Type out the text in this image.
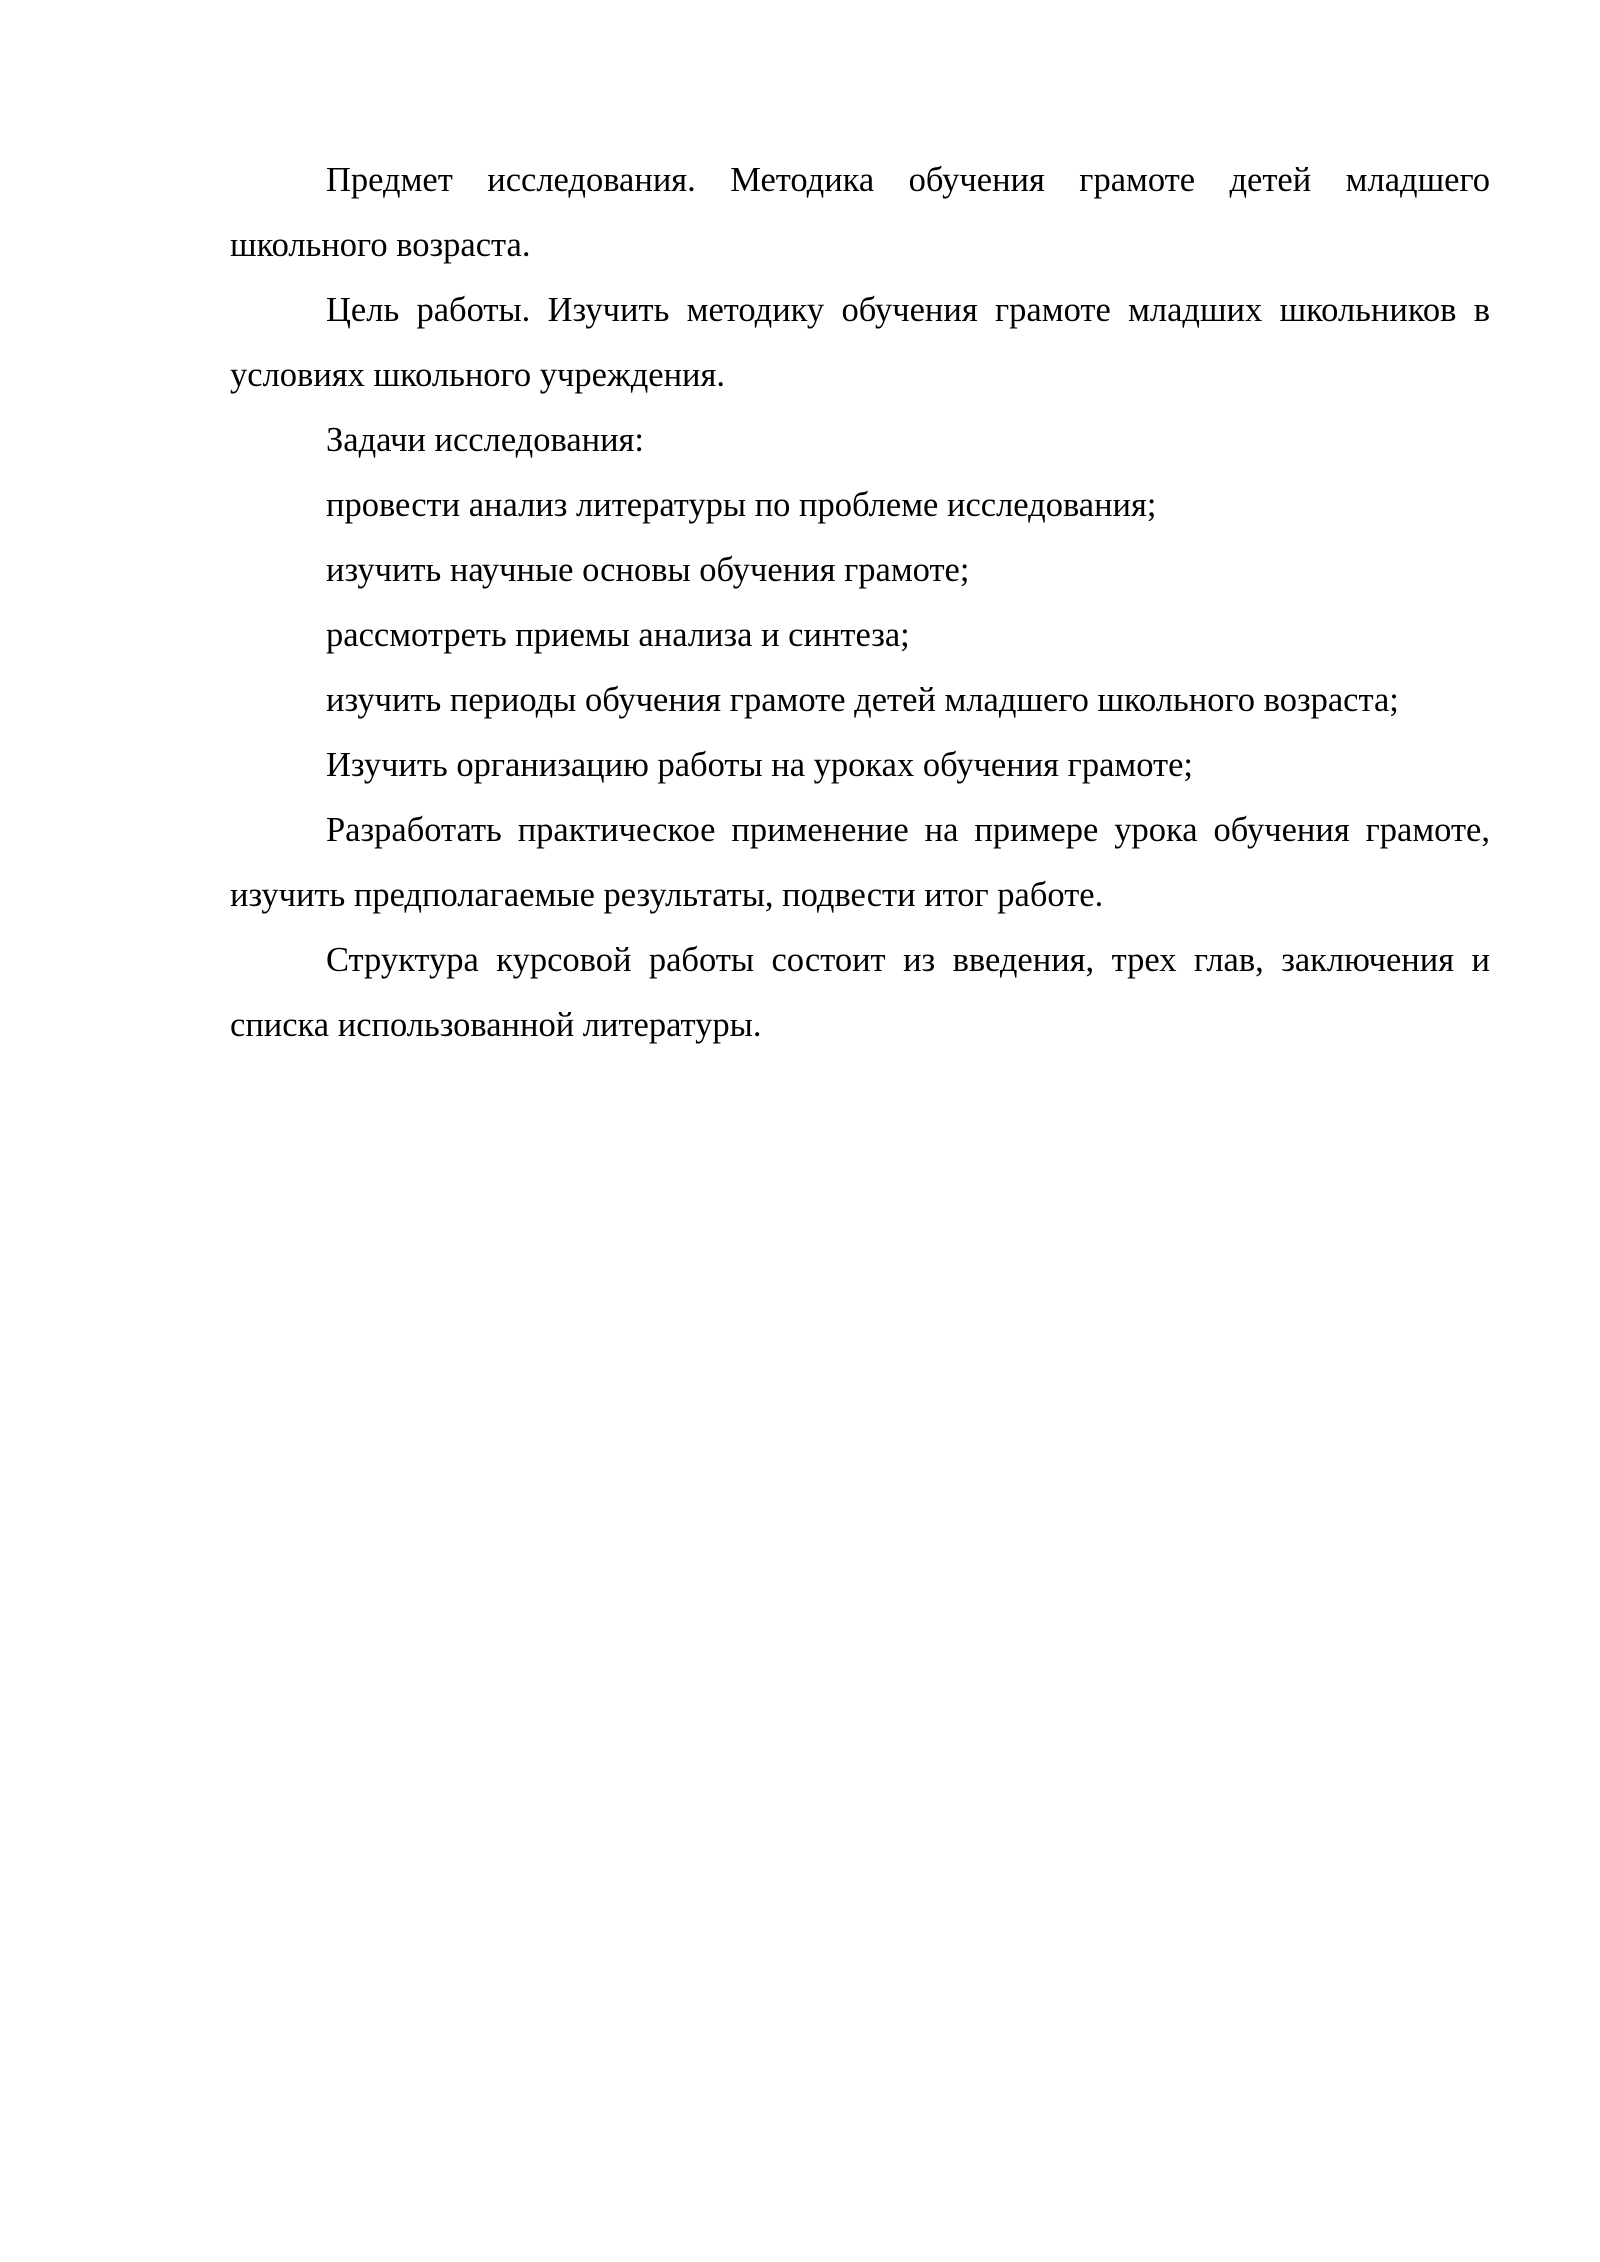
Предмет исследования. Методика обучения грамоте детей младшего школьного возраста.

Цель работы. Изучить методику обучения грамоте младших школьников в условиях школьного учреждения.

Задачи исследования:

провести анализ литературы по проблеме исследования;

изучить научные основы обучения грамоте;

рассмотреть приемы анализа и синтеза;

изучить периоды обучения грамоте детей младшего школьного возраста;

Изучить организацию работы на уроках обучения грамоте;

Разработать практическое применение на примере урока обучения грамоте, изучить предполагаемые результаты, подвести итог работе.

Структура курсовой работы состоит из введения, трех глав, заключения и списка использованной литературы.
